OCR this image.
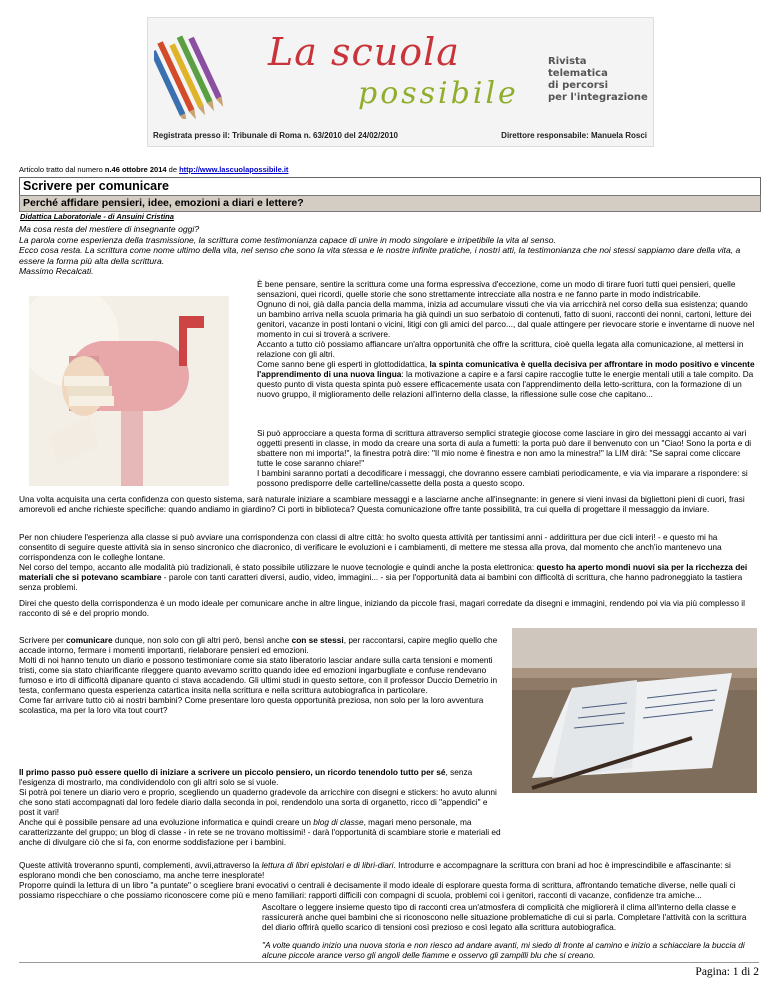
La scuola
possibile
Rivista
telematica
di percorsi
per l'integrazione
Registrata presso il: Tribunale di Roma n. 63/2010 del 24/02/2010	Direttore responsabile: Manuela Rosci
Articolo tratto dal numero n.46 ottobre 2014 de http://www.lascuolapossibile.it
Scrivere per comunicare
Perché affidare pensieri, idee, emozioni a diari e lettere?
Didattica Laboratoriale - di Ansuini Cristina
Ma cosa resta del mestiere di insegnante oggi?
La parola come esperienza della trasmissione, la scrittura come testimonianza capace di unire in modo singolare e irripetibile la vita al senso.
Ecco cosa resta. La scrittura come nome ultimo della vita, nel senso che sono la vita stessa e le nostre infinite pratiche, i nostri atti, la testimonianza che noi stessi sappiamo dare della vita, a essere la forma più alta della scrittura.
Massimo Recalcati.
È bene pensare, sentire la scrittura come una forma espressiva d'eccezione, come un modo di tirare fuori tutti quei pensieri, quelle sensazioni, quei ricordi, quelle storie che sono strettamente intrecciate alla nostra e ne fanno parte in modo indistricabile.
Ognuno di noi, già dalla pancia della mamma, inizia ad accumulare vissuti che via via arricchirà nel corso della sua esistenza; quando un bambino arriva nella scuola primaria ha già quindi un suo serbatoio di contenuti, fatto di suoni, racconti dei nonni, cartoni, letture dei genitori, vacanze in posti lontani o vicini, litigi con gli amici del parco..., dal quale attingere per rievocare storie e inventarne di nuove nel momento in cui si troverà a scrivere.
Accanto a tutto ciò possiamo affiancare un'altra opportunità che offre la scrittura, cioè quella legata alla comunicazione, al mettersi in relazione con gli altri.
Come sanno bene gli esperti in glottodidattica, la spinta comunicativa è quella decisiva per affrontare in modo positivo e vincente l'apprendimento di una nuova lingua: la motivazione a capire e a farsi capire raccoglie tutte le energie mentali utili a tale compito. Da questo punto di vista questa spinta può essere efficacemente usata con l'apprendimento della letto-scrittura, con la formazione di un nuovo gruppo, il miglioramento delle relazioni all'interno della classe, la riflessione sulle cose che capitano...
Si può approcciare a questa forma di scrittura attraverso semplici strategie giocose come lasciare in giro dei messaggi accanto ai vari oggetti presenti in classe, in modo da creare una sorta di aula a fumetti: la porta può dare il benvenuto con un "Ciao! Sono la porta e di sbattere non mi importa!", la finestra potrà dire: "Il mio nome è finestra e non amo la minestra!" la LIM dirà: "Se saprai come cliccare tutte le cose saranno chiare!"
I bambini saranno portati a decodificare i messaggi, che dovranno essere cambiati periodicamente, e via via imparare a rispondere: si possono predisporre delle cartelline/cassette della posta a questo scopo.
Una volta acquisita una certa confidenza con questo sistema, sarà naturale iniziare a scambiare messaggi e a lasciarne anche all'insegnante: in genere si vieni invasi da bigliettoni pieni di cuori, frasi amorevoli ed anche richieste specifiche: quando andiamo in giardino? Ci porti in biblioteca? Questa comunicazione offre tante possibilità, tra cui quella di progettare il messaggio da inviare.
Per non chiudere l'esperienza alla classe si può avviare una corrispondenza con classi di altre città: ho svolto questa attività per tantissimi anni - addirittura per due cicli interi! - e questo mi ha consentito di seguire queste attività sia in senso sincronico che diacronico, di verificare le evoluzioni e i cambiamenti, di mettere me stessa alla prova, dal momento che anch'io mantenevo una corrispondenza con le colleghe lontane.
Nel corso del tempo, accanto alle modalità più tradizionali, è stato possibile utilizzare le nuove tecnologie e quindi anche la posta elettronica: questo ha aperto mondi nuovi sia per la ricchezza dei materiali che si potevano scambiare - parole con tanti caratteri diversi, audio, video, immagini... - sia per l'opportunità data ai bambini con difficoltà di scrittura, che hanno padroneggiato la tastiera senza problemi.
Direi che questo della corrispondenza è un modo ideale per comunicare anche in altre lingue, iniziando da piccole frasi, magari corredate da disegni e immagini, rendendo poi via via più complesso il racconto di sé e del proprio mondo.
Scrivere per comunicare dunque, non solo con gli altri però, bensì anche con se stessi, per raccontarsi, capire meglio quello che accade intorno, fermare i momenti importanti, rielaborare pensieri ed emozioni.
Molti di noi hanno tenuto un diario e possono testimoniare come sia stato liberatorio lasciar andare sulla carta tensioni e momenti tristi, come sia stato chiarificante rileggere quanto avevamo scritto quando idee ed emozioni ingarbugliate e confuse rendevano fumoso e irto di difficoltà dipanare quanto ci stava accadendo. Gli ultimi studi in questo settore, con il professor Duccio Demetrio in testa, confermano questa esperienza catartica insita nella scrittura e nella scrittura autobiografica in particolare.
Come far arrivare tutto ciò ai nostri bambini? Come presentare loro questa opportunità preziosa, non solo per la loro avventura scolastica, ma per la loro vita tout court?
Il primo passo può essere quello di iniziare a scrivere un piccolo pensiero, un ricordo tenendolo tutto per sé, senza l'esigenza di mostrarlo, ma condividendolo con gli altri solo se si vuole.
Si potrà poi tenere un diario vero e proprio, scegliendo un quaderno gradevole da arricchire con disegni e stickers: ho avuto alunni che sono stati accompagnati dal loro fedele diario dalla seconda in poi, rendendolo una sorta di organetto, ricco di "appendici" e post it vari!
Anche qui è possibile pensare ad una evoluzione informatica e quindi creare un blog di classe, magari meno personale, ma caratterizzante del gruppo; un blog di classe - in rete se ne trovano moltissimi! - darà l'opportunità di scambiare storie e materiali ed anche di divulgare ciò che si fa, con enorme soddisfazione per i bambini.
Queste attività troveranno spunti, complementi, avvii,attraverso la lettura di libri epistolari e di libri-diari. Introdurre e accompagnare la scrittura con brani ad hoc è imprescindibile e affascinante: si esplorano mondi che ben conosciamo, ma anche terre inesplorate!
Proporre quindi la lettura di un libro "a puntate" o scegliere brani evocativi o centrali è decisamente il modo ideale di esplorare questa forma di scrittura, affrontando tematiche diverse, nelle quali ci possiamo rispecchiare o che possiamo riconoscere come più e meno familiari: rapporti difficili con compagni di scuola, problemi coi i genitori, racconti di vacanze, confidenze tra amiche...
Ascoltare o leggere insieme questo tipo di racconti crea un'atmosfera di complicità che migliorerà il clima all'interno della classe e rassicurerà anche quei bambini che si riconoscono nelle situazione problematiche di cui si parla. Completare l'attività con la scrittura del diario offrirà quello scarico di tensioni così prezioso e così legato alla scrittura autobiografica.
"A volte quando inizio una nuova storia e non riesco ad andare avanti, mi siedo di fronte al camino e inizio a schiacciare la buccia di alcune piccole arance verso gli angoli delle fiamme e osservo gli zampilli blu che si creano.
Pagina: 1 di 2
